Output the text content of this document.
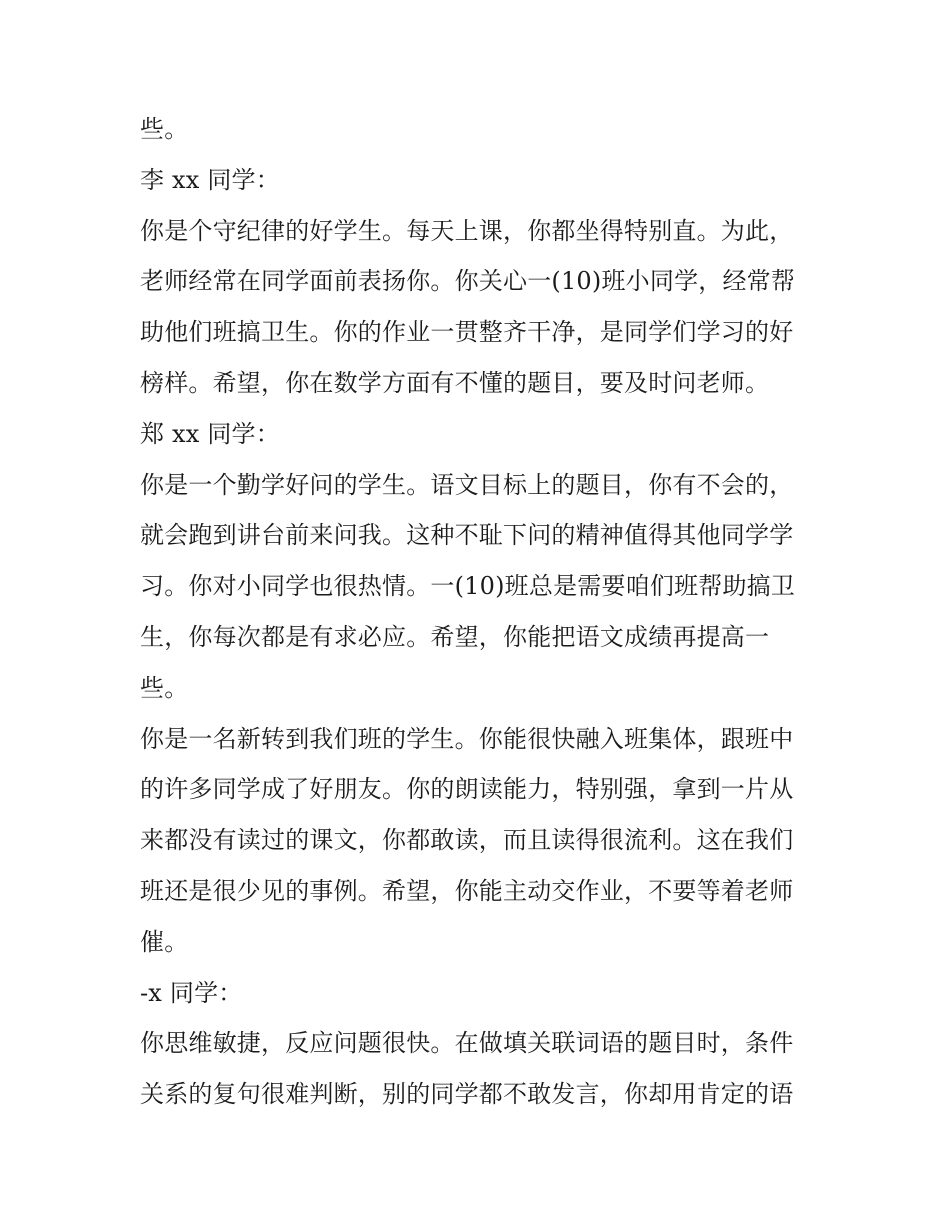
些。
李 xx 同学：
你是个守纪律的好学生。每天上课，你都坐得特别直。为此，
老师经常在同学面前表扬你。你关心一(10)班小同学，经常帮
助他们班搞卫生。你的作业一贯整齐干净，是同学们学习的好
榜样。希望，你在数学方面有不懂的题目，要及时问老师。
郑 xx 同学：
你是一个勤学好问的学生。语文目标上的题目，你有不会的，
就会跑到讲台前来问我。这种不耻下问的精神值得其他同学学
习。你对小同学也很热情。一(10)班总是需要咱们班帮助搞卫
生，你每次都是有求必应。希望，你能把语文成绩再提高一
些。
你是一名新转到我们班的学生。你能很快融入班集体，跟班中
的许多同学成了好朋友。你的朗读能力，特别强，拿到一片从
来都没有读过的课文，你都敢读，而且读得很流利。这在我们
班还是很少见的事例。希望，你能主动交作业，不要等着老师
催。
-x 同学：
你思维敏捷，反应问题很快。在做填关联词语的题目时，条件
关系的复句很难判断，别的同学都不敢发言，你却用肯定的语
